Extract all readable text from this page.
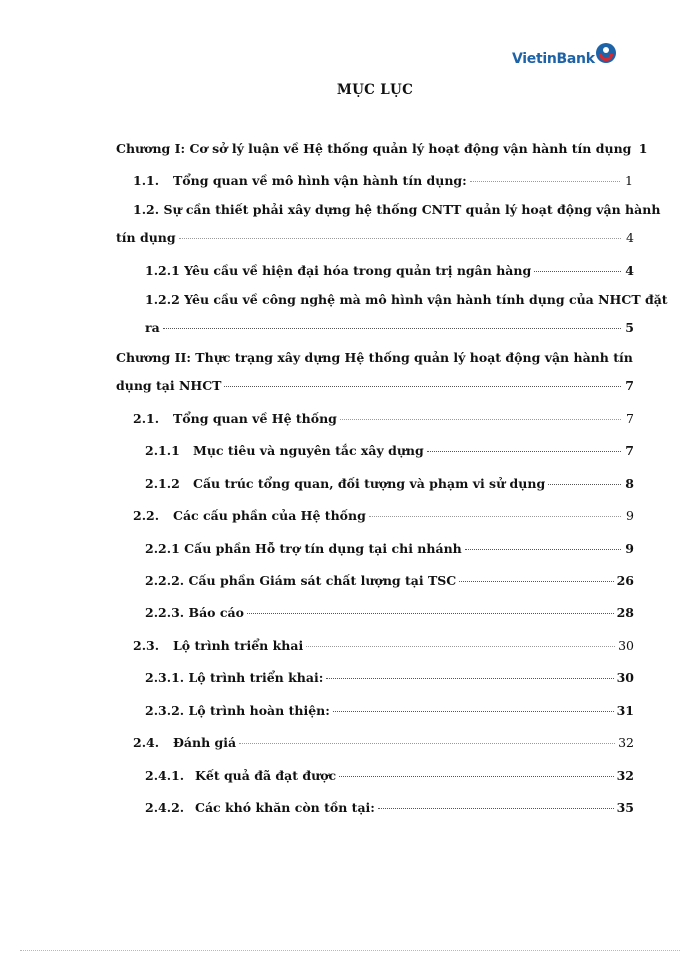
VietinBank
MỤC LỤC
Chương I: Cơ sở lý luận về Hệ thống quản lý hoạt động vận hành tín dụng 1
1.1.	Tổng quan về mô hình vận hành tín dụng:	1
1.2. Sự cần thiết phải xây dựng hệ thống CNTT quản lý hoạt động vận hành
tín dụng	4
1.2.1 Yêu cầu về hiện đại hóa trong quản trị ngân hàng	4
1.2.2 Yêu cầu về công nghệ mà mô hình vận hành tính dụng của NHCT đặt
ra	5
Chương II: Thực trạng xây dựng Hệ thống quản lý hoạt động vận hành tín
dụng tại NHCT	7
2.1.	Tổng quan về Hệ thống	7
2.1.1	Mục tiêu và nguyên tắc xây dựng	7
2.1.2	Cấu trúc tổng quan, đối tượng và phạm vi sử dụng	8
2.2.	Các cấu phần của Hệ thống	9
2.2.1 Cấu phần Hỗ trợ tín dụng tại chi nhánh	9
2.2.2. Cấu phần Giám sát chất lượng tại TSC	26
2.2.3. Báo cáo	28
2.3.	Lộ trình triển khai	30
2.3.1. Lộ trình triển khai:	30
2.3.2. Lộ trình hoàn thiện:	31
2.4.	Đánh giá	32
2.4.1. Kết quả đã đạt được	32
2.4.2. Các khó khăn còn tồn tại:	35
